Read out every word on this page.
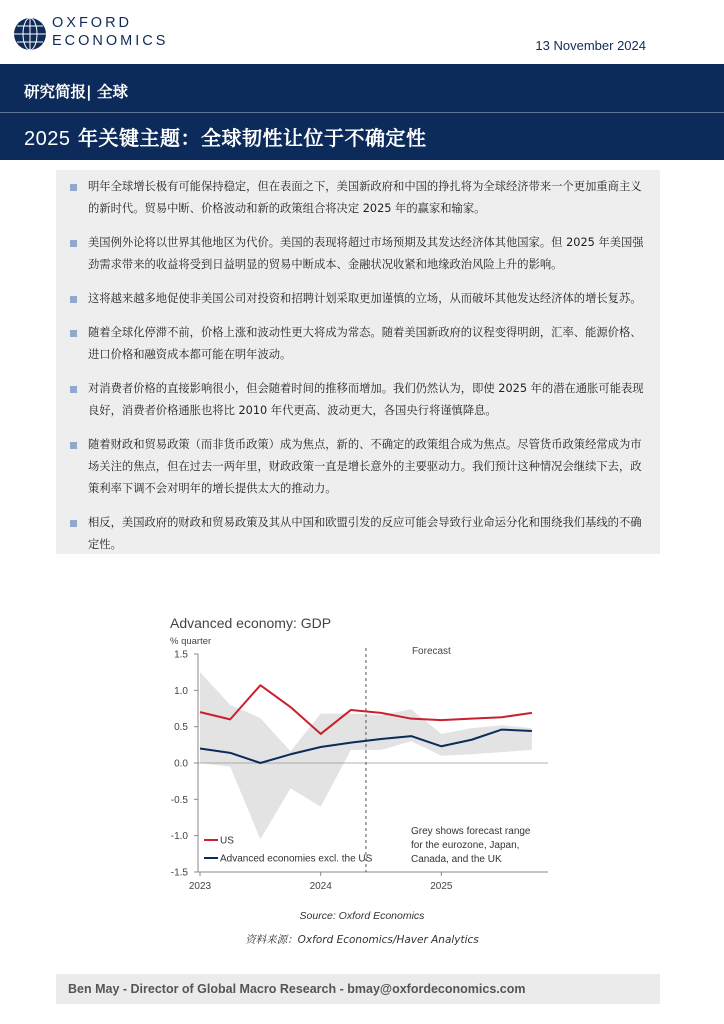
OXFORD
ECONOMICS	13 November 2024
研究简报| 全球
2025 年关键主题：全球韧性让位于不确定性
明年全球增长极有可能保持稳定，但在表面之下，美国新政府和中国的挣扎将为全球经济带来一个更加重商主义的新时代。贸易中断、价格波动和新的政策组合将决定 2025 年的赢家和输家。
美国例外论将以世界其他地区为代价。美国的表现将超过市场预期及其发达经济体其他国家。但 2025 年美国强劲需求带来的收益将受到日益明显的贸易中断成本、金融状况收紧和地缘政治风险上升的影响。
这将越来越多地促使非美国公司对投资和招聘计划采取更加谨慎的立场，从而破坏其他发达经济体的增长复苏。
随着全球化停滞不前，价格上涨和波动性更大将成为常态。随着美国新政府的议程变得明朗，汇率、能源价格、进口价格和融资成本都可能在明年波动。
对消费者价格的直接影响很小，但会随着时间的推移而增加。我们仍然认为，即使 2025 年的潜在通胀可能表现良好，消费者价格通胀也将比 2010 年代更高、波动更大，各国央行将谨慎降息。
随着财政和贸易政策（而非货币政策）成为焦点，新的、不确定的政策组合成为焦点。尽管货币政策经常成为市场关注的焦点，但在过去一两年里，财政政策一直是增长意外的主要驱动力。我们预计这种情况会继续下去，政策利率下调不会对明年的增长提供太大的推动力。
相反，美国政府的财政和贸易政策及其从中国和欧盟引发的反应可能会导致行业命运分化和围绕我们基线的不确定性。
Advanced economy: GDP
% quarter
1.5
1.0
0.5
0.0
-0.5
-1.0
-1.5
2023	2024	2025
Forecast
US
Advanced economies excl. the US
Grey shows forecast range
for the eurozone, Japan,
Canada, and the UK
Source: Oxford Economics
资料来源：Oxford Economics/Haver Analytics
Ben May - Director of Global Macro Research - bmay@oxfordeconomics.com
